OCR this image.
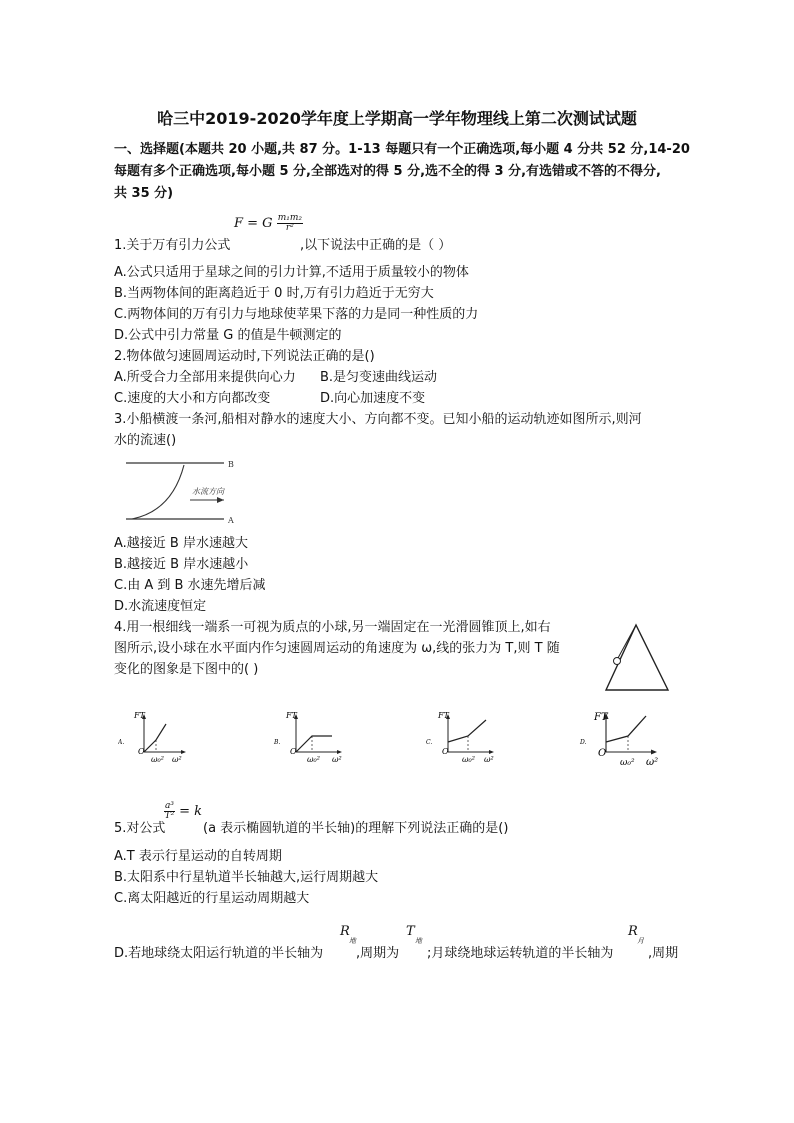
哈三中2019-2020学年度上学期高一学年物理线上第二次测试试题
一、选择题(本题共 20 小题,共 87 分。1-13 每题只有一个正确选项,每小题 4 分共 52 分,14-20
每题有多个正确选项,每小题 5 分,全部选对的得 5 分,选不全的得 3 分,有选错或不答的不得分,
共 35 分)
1.关于万有引力公式
F = G $\frac{\text{m₁m₂}}{\text{r²}}$
,以下说法中正确的是（ ）
A.公式只适用于星球之间的引力计算,不适用于质量较小的物体
B.当两物体间的距离趋近于 0 时,万有引力趋近于无穷大
C.两物体间的万有引力与地球使苹果下落的力是同一种性质的力
D.公式中引力常量 G 的值是牛顿测定的
2.物体做匀速圆周运动时,下列说法正确的是()
A.所受合力全部用来提供向心力 B.是匀变速曲线运动
C.速度的大小和方向都改变	D.向心加速度不变
3.小船横渡一条河,船相对静水的速度大小、方向都不变。已知小船的运动轨迹如图所示,则河
水的流速()
B
A
水流方向
A.越接近 B 岸水速越大
B.越接近 B 岸水速越小
C.由 A 到 B 水速先增后减
D.水流速度恒定
4.用一根细线一端系一可视为质点的小球,另一端固定在一光滑圆锥顶上,如右
图所示,设小球在水平面内作匀速圆周运动的角速度为 ω,线的张力为 T,则 T 随
变化的图象是下图中的( )
A.
FT
O
ω₀² ω²
B.
FT
O
ω₀² ω²
C.
FT
O
ω₀² ω²
D.
FT
O
ω₀² ω²
5.对公式
$\frac{\text{a³}}{\text{T²}} = k$
(a 表示椭圆轨道的半长轴)的理解下列说法正确的是()
A.T 表示行星运动的自转周期
B.太阳系中行星轨道半长轴越大,运行周期越大
C.离太阳越近的行星运动周期越大
D.若地球绕太阳运行轨道的半长轴为
R
地
,周期为
T
地
;月球绕地球运转轨道的半长轴为
R
月
,周期
